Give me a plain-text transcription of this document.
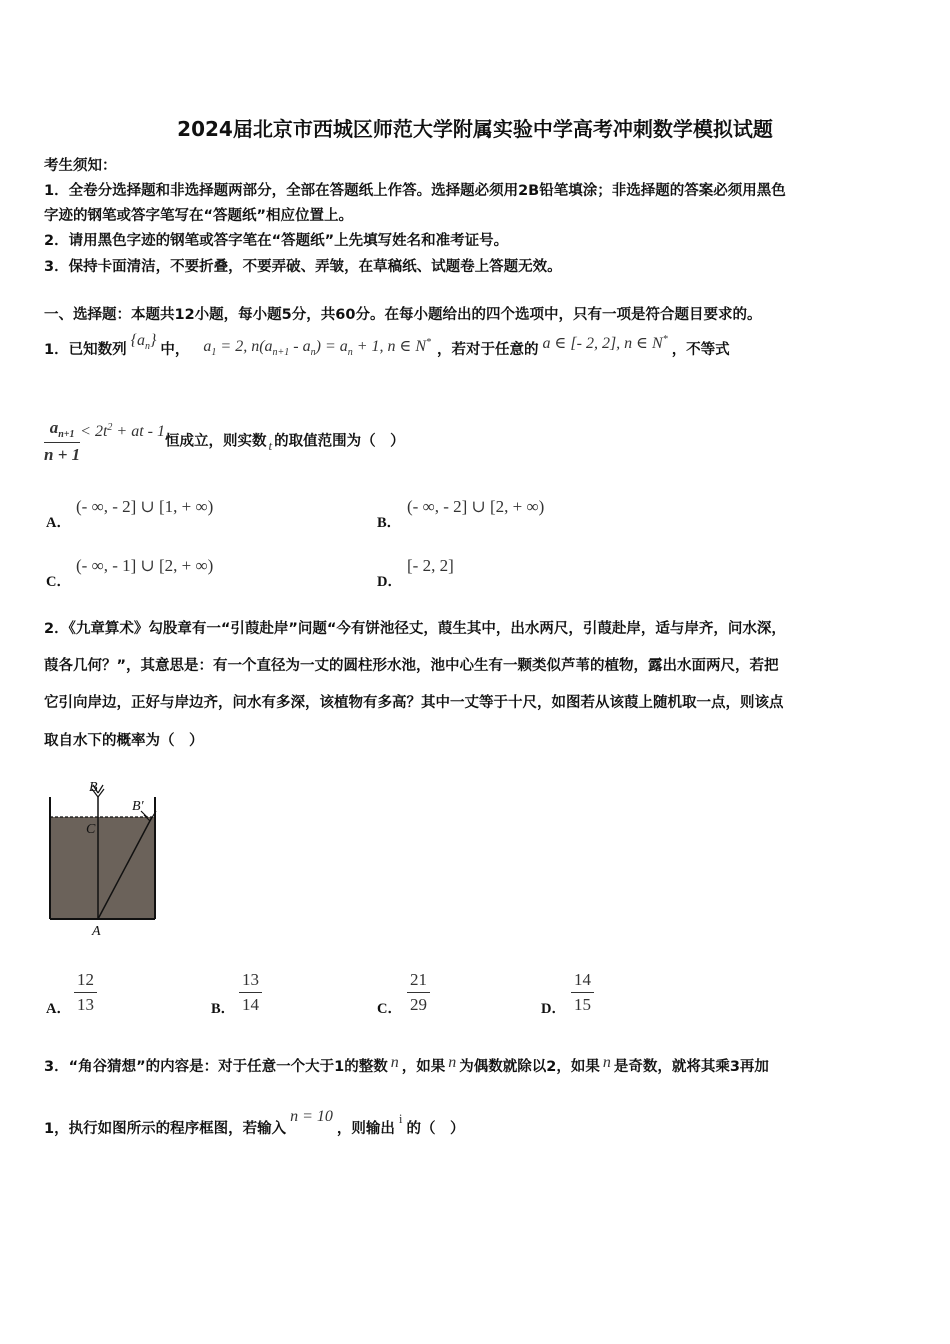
2024届北京市西城区师范大学附属实验中学高考冲刺数学模拟试题
考生须知：
1．全卷分选择题和非选择题两部分，全部在答题纸上作答。选择题必须用2B铅笔填涂；非选择题的答案必须用黑色
字迹的钢笔或答字笔写在“答题纸”相应位置上。
2．请用黑色字迹的钢笔或答字笔在“答题纸”上先填写姓名和准考证号。
3．保持卡面清洁，不要折叠，不要弄破、弄皱，在草稿纸、试题卷上答题无效。
一、选择题：本题共12小题，每小题5分，共60分。在每小题给出的四个选项中，只有一项是符合题目要求的。
1．已知数列$\{a_n\}$中， $a_1 = 2$, $n(a_{n+1} - a_n) = a_n + 1$, n ∈ N* ，若对于任意的 a ∈ [- 2, 2], n ∈ N*，不等式
$\frac{a_{n+1}}{n + 1} < 2t^2$ + at - 1恒成立，则实数 t 的取值范围为（　）
A．
(- ∞, - 2] ∪ [1, + ∞)
B．
(- ∞, - 2] ∪ [2, + ∞)
C．
(- ∞, - 1] ∪ [2, + ∞)
D．
[- 2, 2]
2．《九章算术》勾股章有一“引葭赴岸”问题“今有饼池径丈，葭生其中，出水两尺，引葭赴岸，适与岸齐，问水深，
葭各几何？”，其意思是：有一个直径为一丈的圆柱形水池，池中心生有一颗类似芦苇的植物，露出水面两尺，若把
它引向岸边，正好与岸边齐，问水有多深，该植物有多高？其中一丈等于十尺，如图若从该葭上随机取一点，则该点
取自水下的概率为（　）
B
B′
C
A
A． $\frac{12}{13}$	B． $\frac{13}{14}$	C． $\frac{21}{29}$	D． $\frac{14}{15}$
3．“角谷猜想”的内容是：对于任意一个大于1的整数 n ，如果 n 为偶数就除以2，如果 n 是奇数，就将其乘3再加
1，执行如图所示的程序框图，若输入n = 10，则输出i的（　）
